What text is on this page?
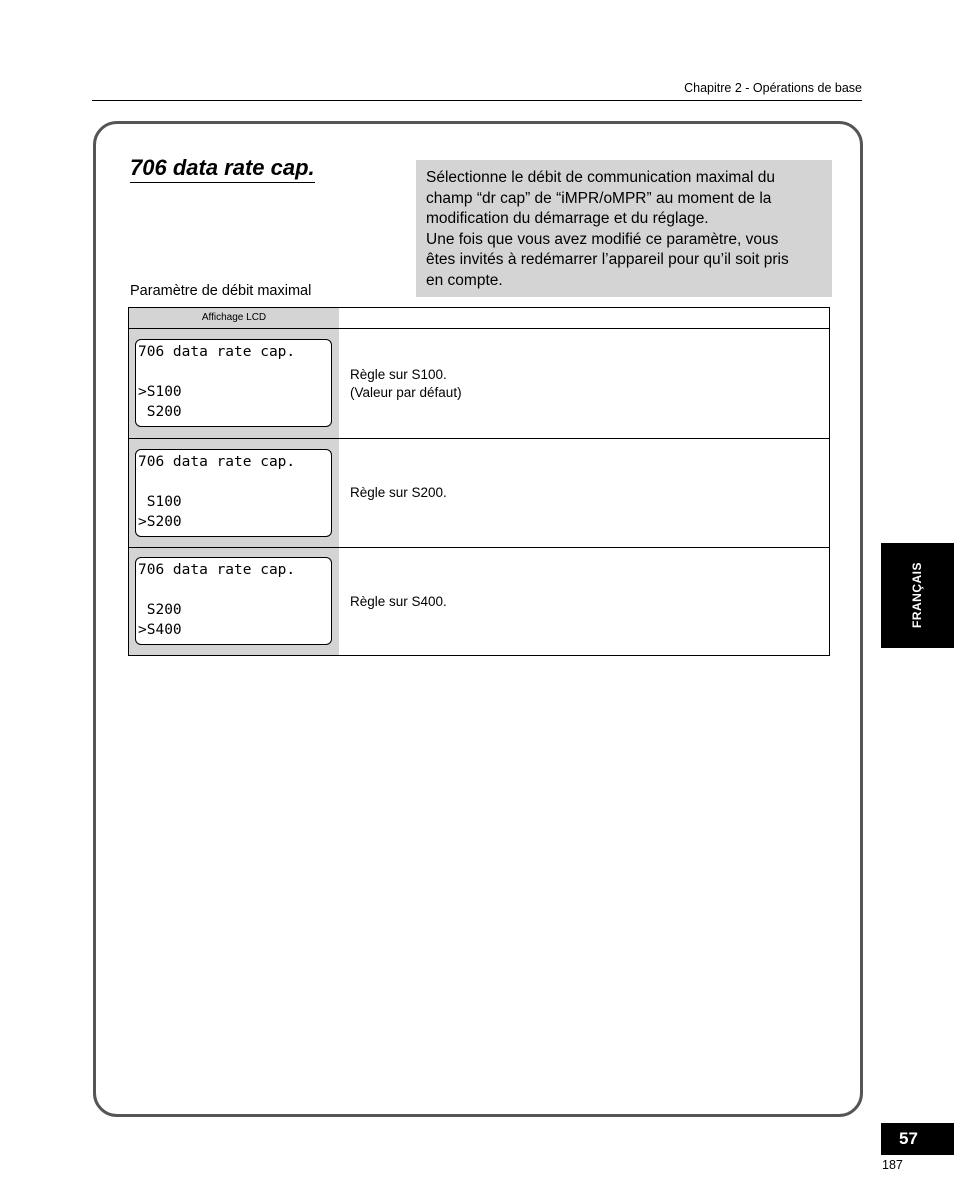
Chapitre 2 - Opérations de base
706 data rate cap.	Sélectionne le débit de communication maximal du

champ “dr cap” de “iMPR/oMPR” au moment de la

modification du démarrage et du réglage.

Une fois que vous avez modifié ce paramètre, vous

êtes invités à redémarrer l’appareil pour qu’il soit pris

en compte.

Paramètre de débit maximal
Affichage LCD
706 data rate cap.
>S100
S200
Règle sur S100.
(Valeur par défaut)
706 data rate cap.
S100
>S200
Règle sur S200.
706 data rate cap.
S200
>S400
Règle sur S400.	FRANÇAIS
57
187
